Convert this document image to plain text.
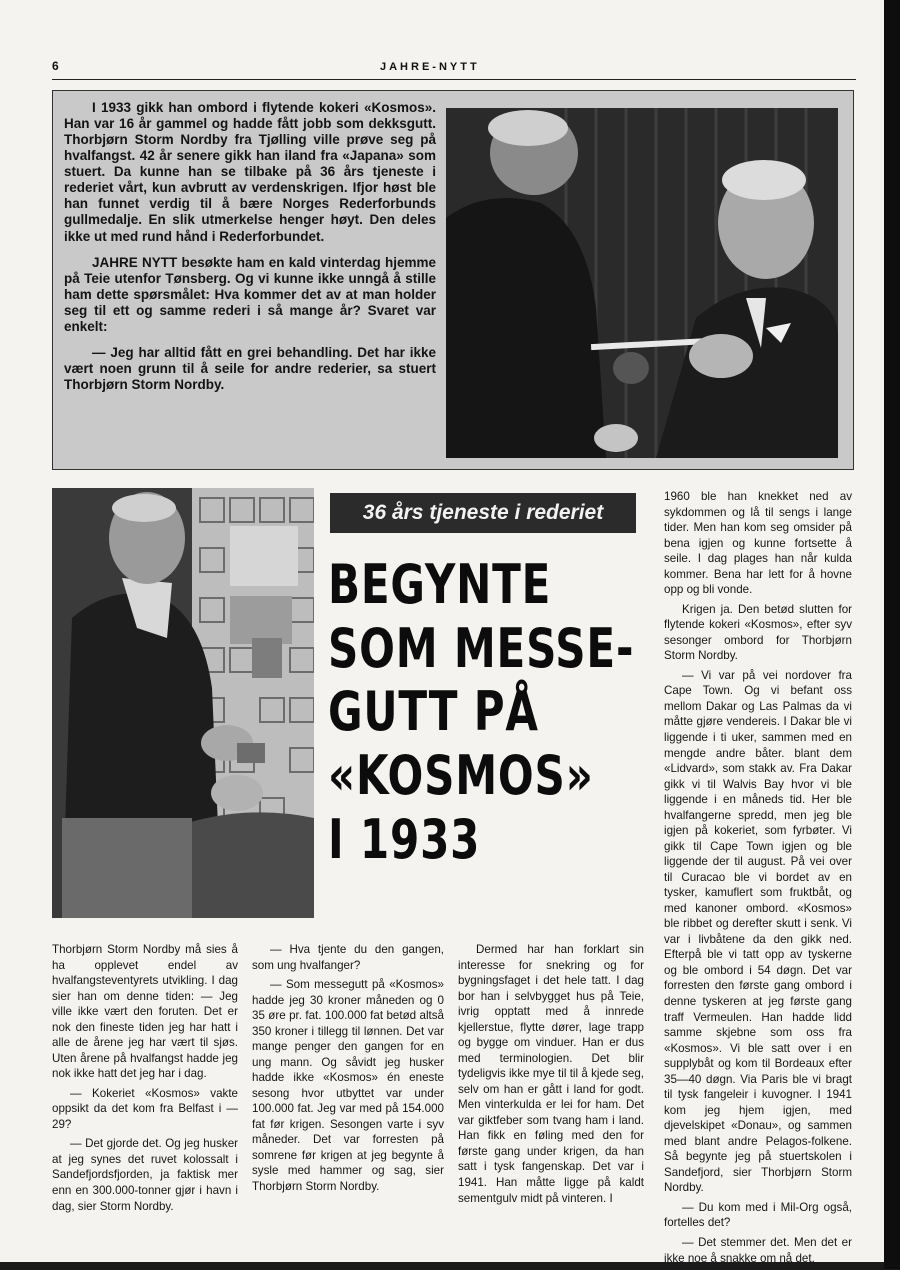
6	JAHRE-NYTT

I 1933 gikk han ombord i flytende kokeri «Kosmos». Han var 16 år gammel og hadde fått jobb som dekksgutt. Thorbjørn Storm Nordby fra Tjølling ville prøve seg på hvalfangst. 42 år senere gikk han iland fra «Japana» som stuert. Da kunne han se tilbake på 36 års tjeneste i rederiet vårt, kun avbrutt av verdenskrigen. Ifjor høst ble han funnet verdig til å bære Norges Rederforbunds gullmedalje. En slik utmerkelse henger høyt. Den deles ikke ut med rund hånd i Rederforbundet.

JAHRE NYTT besøkte ham en kald vinterdag hjemme på Teie utenfor Tønsberg. Og vi kunne ikke unngå å stille ham dette spørsmålet: Hva kommer det av at man holder seg til ett og samme rederi i så mange år? Svaret var enkelt:

— Jeg har alltid fått en grei behandling. Det har ikke vært noen grunn til å seile for andre rederier, sa stuert Thorbjørn Storm Nordby.

36 års tjeneste i rederiet
BEGYNTE
SOM MESSE-
GUTT PÅ
«KOSMOS»
I 1933

Thorbjørn Storm Nordby må sies å ha opplevet endel av hvalfangsteventyrets utvikling. I dag sier han om denne tiden: — Jeg ville ikke vært den foruten. Det er nok den fineste tiden jeg har hatt i alle de årene jeg har vært til sjøs. Uten årene på hvalfangst hadde jeg nok ikke hatt det jeg har i dag.

— Kokeriet «Kosmos» vakte oppsikt da det kom fra Belfast i —29?

— Det gjorde det. Og jeg husker at jeg synes det ruvet kolossalt i Sandefjordsfjorden, ja faktisk mer enn en 300.000-tonner gjør i havn i dag, sier Storm Nordby.

— Hva tjente du den gangen, som ung hvalfanger?

— Som messegutt på «Kosmos» hadde jeg 30 kroner måneden og 0 35 øre pr. fat. 100.000 fat betød altså 350 kroner i tillegg til lønnen. Det var mange penger den gangen for en ung mann. Og såvidt jeg husker hadde ikke «Kosmos» én eneste sesong hvor utbyttet var under 100.000 fat. Jeg var med på 154.000 fat før krigen. Sesongen varte i syv måneder. Det var forresten på somrene før krigen at jeg begynte å sysle med hammer og sag, sier Thorbjørn Storm Nordby.

Dermed har han forklart sin interesse for snekring og for bygningsfaget i det hele tatt. I dag bor han i selvbygget hus på Teie, ivrig opptatt med å innrede kjellerstue, flytte dører, lage trapp og bygge om vinduer. Han er dus med terminologien. Det blir tydeligvis ikke mye til til å kjede seg, selv om han er gått i land for godt. Men vinterkulda er lei for ham. Det var giktfeber som tvang ham i land. Han fikk en føling med den for første gang under krigen, da han satt i tysk fangenskap. Det var i 1941. Han måtte ligge på kaldt sementgulv midt på vinteren. I

1960 ble han knekket ned av sykdommen og lå til sengs i lange tider. Men han kom seg omsider på bena igjen og kunne fortsette å seile. I dag plages han når kulda kommer. Bena har lett for å hovne opp og bli vonde.

Krigen ja. Den betød slutten for flytende kokeri «Kosmos», efter syv sesonger ombord for Thorbjørn Storm Nordby.

— Vi var på vei nordover fra Cape Town. Og vi befant oss mellom Dakar og Las Palmas da vi måtte gjøre vendereis. I Dakar ble vi liggende i ti uker, sammen med en mengde andre båter. blant dem «Lidvard», som stakk av. Fra Dakar gikk vi til Walvis Bay hvor vi ble liggende i en måneds tid. Her ble hvalfangerne spredd, men jeg ble igjen på kokeriet, som fyrbøter. Vi gikk til Cape Town igjen og ble liggende der til august. På vei over til Curacao ble vi bordet av en tysker, kamuflert som fruktbåt, og med kanoner ombord. «Kosmos» ble ribbet og derefter skutt i senk. Vi var i livbåtene da den gikk ned. Efterpå ble vi tatt opp av tyskerne og ble ombord i 54 døgn. Det var forresten den første gang ombord i denne tyskeren at jeg første gang traff Vermeulen. Han hadde lidd samme skjebne som oss fra «Kosmos». Vi ble satt over i en supplybåt og kom til Bordeaux efter 35—40 døgn. Via Paris ble vi bragt til tysk fangeleir i kuvogner. I 1941 kom jeg hjem igjen, med djevelskipet «Donau», og sammen med blant andre Pelagos-folkene. Så begynte jeg på stuertskolen i Sandefjord, sier Thorbjørn Storm Nordby.

— Du kom med i Mil-Org også, fortelles det?

— Det stemmer det. Men det er ikke noe å snakke om nå det.
